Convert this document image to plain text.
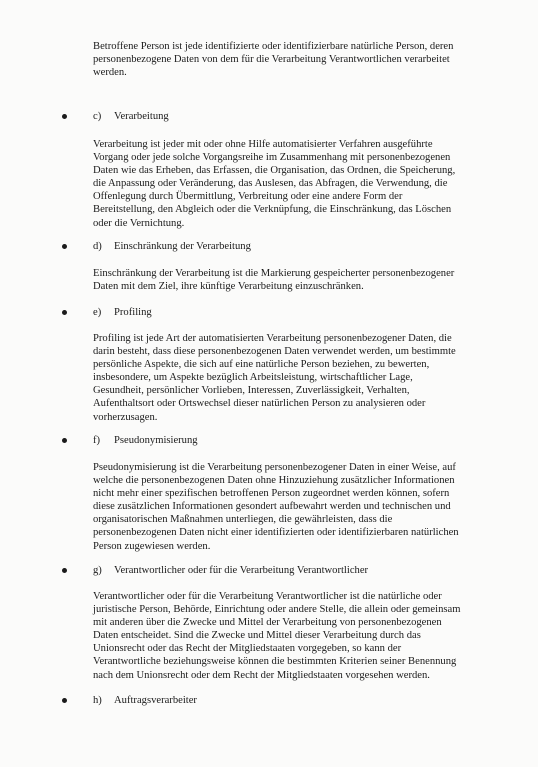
Betroffene Person ist jede identifizierte oder identifizierbare natürliche Person, deren
personenbezogene Daten von dem für die Verarbeitung Verantwortlichen verarbeitet
werden.

c) Verarbeitung

Verarbeitung ist jeder mit oder ohne Hilfe automatisierter Verfahren ausgeführte
Vorgang oder jede solche Vorgangsreihe im Zusammenhang mit personenbezogenen
Daten wie das Erheben, das Erfassen, die Organisation, das Ordnen, die Speicherung,
die Anpassung oder Veränderung, das Auslesen, das Abfragen, die Verwendung, die
Offenlegung durch Übermittlung, Verbreitung oder eine andere Form der
Bereitstellung, den Abgleich oder die Verknüpfung, die Einschränkung, das Löschen
oder die Vernichtung.

d) Einschränkung der Verarbeitung

Einschränkung der Verarbeitung ist die Markierung gespeicherter personenbezogener
Daten mit dem Ziel, ihre künftige Verarbeitung einzuschränken.

e) Profiling

Profiling ist jede Art der automatisierten Verarbeitung personenbezogener Daten, die
darin besteht, dass diese personenbezogenen Daten verwendet werden, um bestimmte
persönliche Aspekte, die sich auf eine natürliche Person beziehen, zu bewerten,
insbesondere, um Aspekte bezüglich Arbeitsleistung, wirtschaftlicher Lage,
Gesundheit, persönlicher Vorlieben, Interessen, Zuverlässigkeit, Verhalten,
Aufenthaltsort oder Ortswechsel dieser natürlichen Person zu analysieren oder
vorherzusagen.

f) Pseudonymisierung

Pseudonymisierung ist die Verarbeitung personenbezogener Daten in einer Weise, auf
welche die personenbezogenen Daten ohne Hinzuziehung zusätzlicher Informationen
nicht mehr einer spezifischen betroffenen Person zugeordnet werden können, sofern
diese zusätzlichen Informationen gesondert aufbewahrt werden und technischen und
organisatorischen Maßnahmen unterliegen, die gewährleisten, dass die
personenbezogenen Daten nicht einer identifizierten oder identifizierbaren natürlichen
Person zugewiesen werden.

g) Verantwortlicher oder für die Verarbeitung Verantwortlicher

Verantwortlicher oder für die Verarbeitung Verantwortlicher ist die natürliche oder
juristische Person, Behörde, Einrichtung oder andere Stelle, die allein oder gemeinsam
mit anderen über die Zwecke und Mittel der Verarbeitung von personenbezogenen
Daten entscheidet. Sind die Zwecke und Mittel dieser Verarbeitung durch das
Unionsrecht oder das Recht der Mitgliedstaaten vorgegeben, so kann der
Verantwortliche beziehungsweise können die bestimmten Kriterien seiner Benennung
nach dem Unionsrecht oder dem Recht der Mitgliedstaaten vorgesehen werden.

h) Auftragsverarbeiter
